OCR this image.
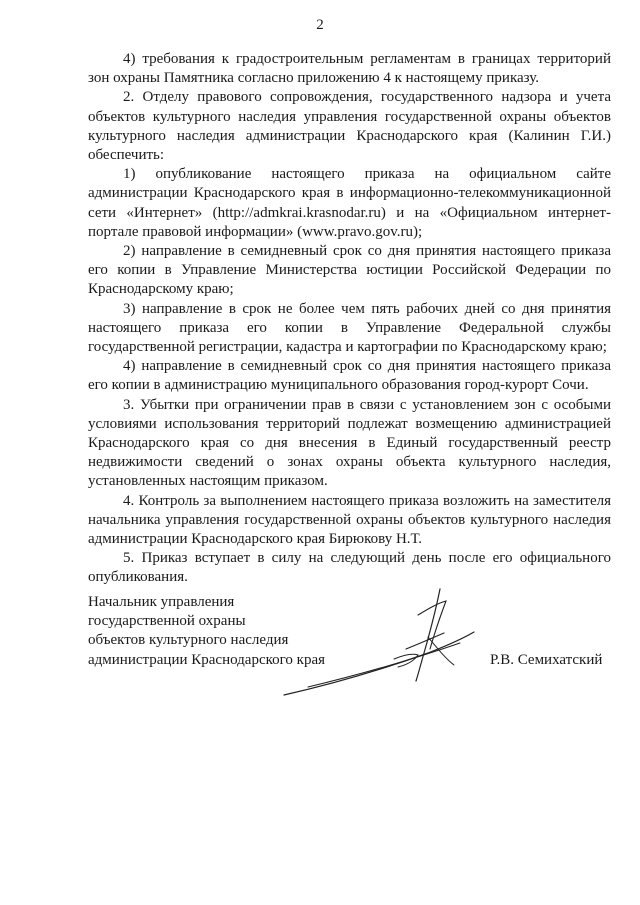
2

4) требования к градостроительным регламентам в границах территорий зон охраны Памятника согласно приложению 4 к настоящему приказу.

2. Отделу правового сопровождения, государственного надзора и учета объектов культурного наследия управления государственной охраны объектов культурного наследия администрации Краснодарского края (Калинин Г.И.) обеспечить:

1) опубликование настоящего приказа на официальном сайте администрации Краснодарского края в информационно-телекоммуникационной сети «Интернет» (http://admkrai.krasnodar.ru) и на «Официальном интернет-портале правовой информации» (www.pravo.gov.ru);

2) направление в семидневный срок со дня принятия настоящего приказа его копии в Управление Министерства юстиции Российской Федерации по Краснодарскому краю;

3) направление в срок не более чем пять рабочих дней со дня принятия настоящего приказа его копии в Управление Федеральной службы государственной регистрации, кадастра и картографии по Краснодарскому краю;

4) направление в семидневный срок со дня принятия настоящего приказа его копии в администрацию муниципального образования город-курорт Сочи.

3. Убытки при ограничении прав в связи с установлением зон с особыми условиями использования территорий подлежат возмещению администрацией Краснодарского края со дня внесения в Единый государственный реестр недвижимости сведений о зонах охраны объекта культурного наследия, установленных настоящим приказом.

4. Контроль за выполнением настоящего приказа возложить на заместителя начальника управления государственной охраны объектов культурного наследия администрации Краснодарского края Бирюкову Н.Т.

5. Приказ вступает в силу на следующий день после его официального опубликования.

Начальник управления
государственной охраны
объектов культурного наследия
администрации Краснодарского края	Р.В. Семихатский
